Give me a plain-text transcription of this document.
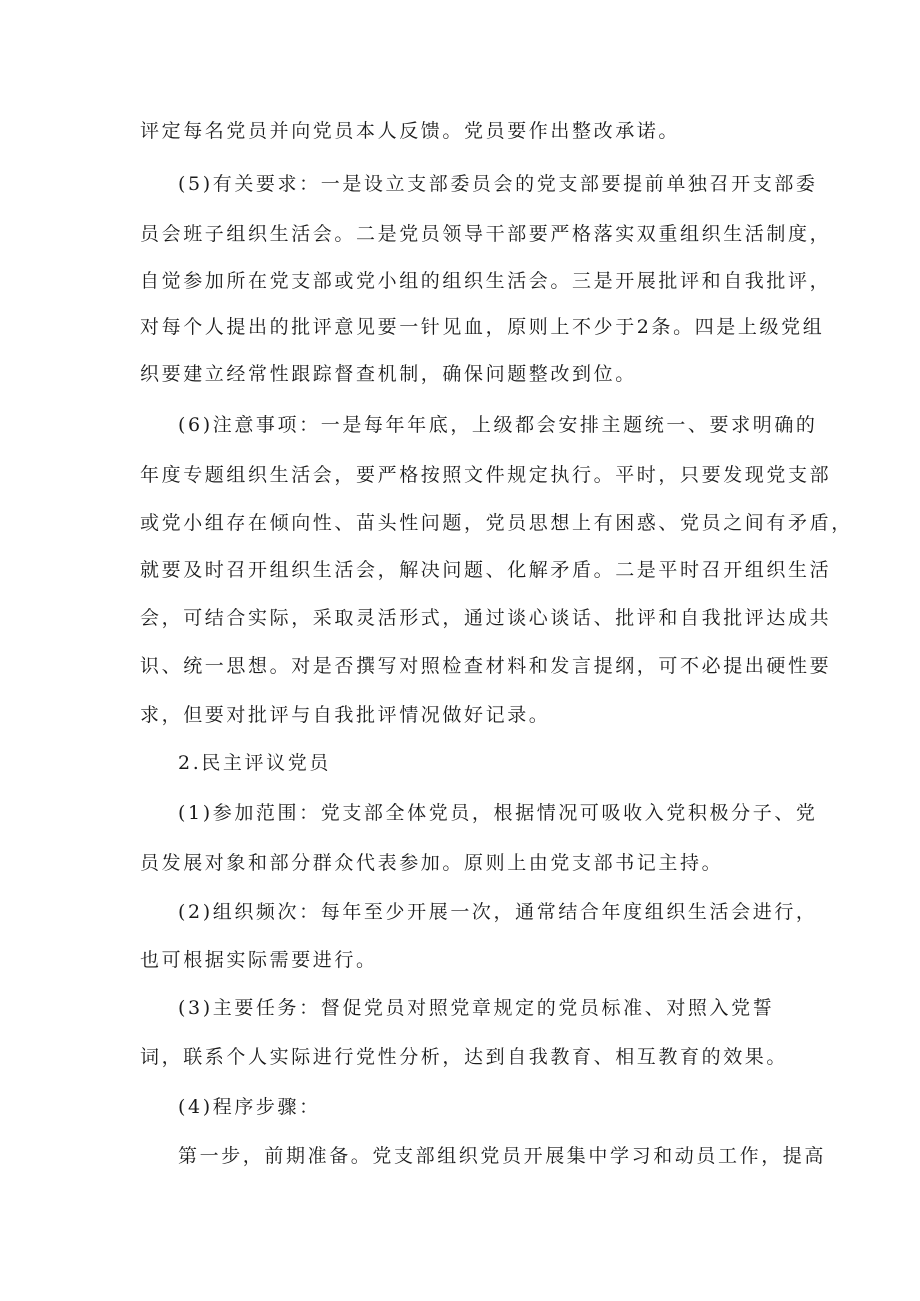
评定每名党员并向党员本人反馈。党员要作出整改承诺。
(5)有关要求：一是设立支部委员会的党支部要提前单独召开支部委
员会班子组织生活会。二是党员领导干部要严格落实双重组织生活制度，
自觉参加所在党支部或党小组的组织生活会。三是开展批评和自我批评，
对每个人提出的批评意见要一针见血，原则上不少于2条。四是上级党组
织要建立经常性跟踪督查机制，确保问题整改到位。
(6)注意事项：一是每年年底，上级都会安排主题统一、要求明确的
年度专题组织生活会，要严格按照文件规定执行。平时，只要发现党支部
或党小组存在倾向性、苗头性问题，党员思想上有困惑、党员之间有矛盾，
就要及时召开组织生活会，解决问题、化解矛盾。二是平时召开组织生活
会，可结合实际，采取灵活形式，通过谈心谈话、批评和自我批评达成共
识、统一思想。对是否撰写对照检查材料和发言提纲，可不必提出硬性要
求，但要对批评与自我批评情况做好记录。
2.民主评议党员
(1)参加范围：党支部全体党员，根据情况可吸收入党积极分子、党
员发展对象和部分群众代表参加。原则上由党支部书记主持。
(2)组织频次：每年至少开展一次，通常结合年度组织生活会进行，
也可根据实际需要进行。
(3)主要任务：督促党员对照党章规定的党员标准、对照入党誓
词，联系个人实际进行党性分析，达到自我教育、相互教育的效果。
(4)程序步骤：
第一步，前期准备。党支部组织党员开展集中学习和动员工作，提高
